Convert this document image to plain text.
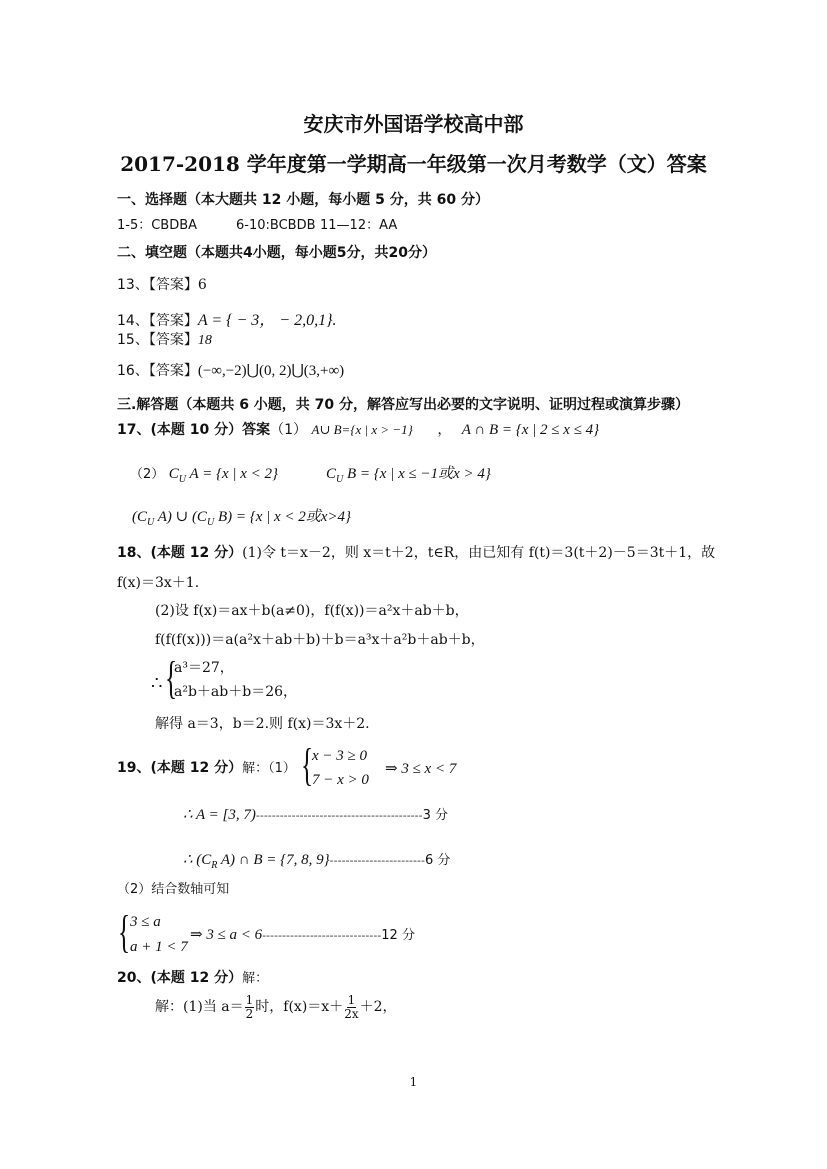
安庆市外国语学校高中部
2017-2018 学年度第一学期高一年级第一次月考数学（文）答案
一、选择题（本大题共 12 小题，每小题 5 分，共 60 分）
1-5：CBDBA	6-10:BCBDB 11—12：AA
二、填空题（本题共4小题，每小题5分，共20分）
13、【答案】6
14、【答案】A = { − 3， − 2,0,1}.
15、【答案】18
16、【答案】(−∞,−2)⋃(0, 2)⋃(3,+∞)
三.解答题（本题共 6 小题，共 70 分，解答应写出必要的文字说明、证明过程或演算步骤）
17、(本题 10 分）答案（1） A∪ B={x | x > −1} ， A ∩ B = {x | 2 ≤ x ≤ 4}
（2） $C_U$ A = {x | x < 2}	$C_U$ B = {x | x ≤ −1或x > 4}
($C_U$ A) ∪ ($C_U$ B) = {x | x < 2或x>4}
18、(本题 12 分）(1)令 t＝x－2，则 x＝t＋2，t∈R，由已知有 f(t)＝3(t＋2)－5＝3t＋1，故
f(x)＝3x＋1.
(2)设 f(x)＝ax＋b(a≠0)，f(f(x))＝a²x＋ab＋b，
f(f(f(x)))＝a(a²x＋ab＋b)＋b＝a³x＋a²b＋ab＋b，
∴ {
a³＝27，
a²b＋ab＋b＝26，
解得 a＝3，b＝2.则 f(x)＝3x＋2.
19、(本题 12 分）解：（1） {
x − 3 ≥ 0
7 − x > 0
⇒ 3 ≤ x < 7
∴ A = [3, 7)------------------------------------------3 分
∴ ($C_R$ A) ∩ B = {7, 8, 9}------------------------6 分
（2）结合数轴可知
{ 3 ≤ a
a + 1 < 7
⇒ 3 ≤ a < 6------------------------------12 分
20、(本题 12 分）解：
解：(1)当 $a= \frac{1}{2}$ 时，$f(x)=x+ \frac{1}{2x} +2$，
1
